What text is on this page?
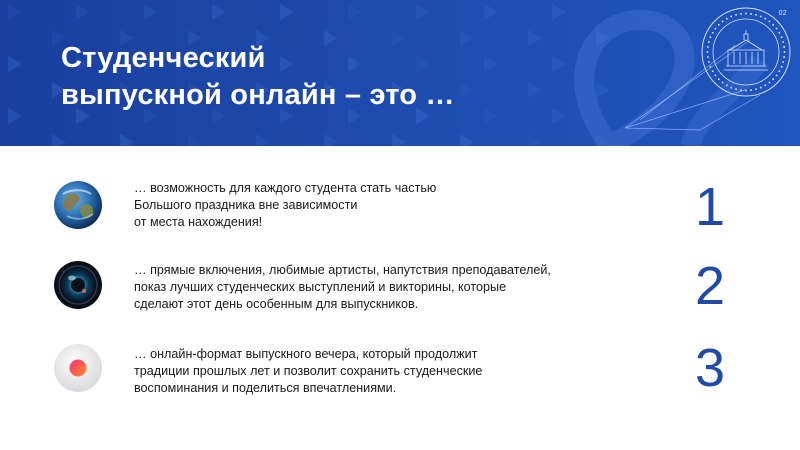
Студенческий
выпускной онлайн – это …
02
… возможность для каждого студента стать частью
Большого праздника вне зависимости
от места нахождения!	1
… прямые включения, любимые артисты, напутствия преподавателей,
показ лучших студенческих выступлений и викторины, которые
сделают этот день особенным для выпускников.	2
… онлайн-формат выпускного вечера, который продолжит
традиции прошлых лет и позволит сохранить студенческие
воспоминания и поделиться впечатлениями.	3
